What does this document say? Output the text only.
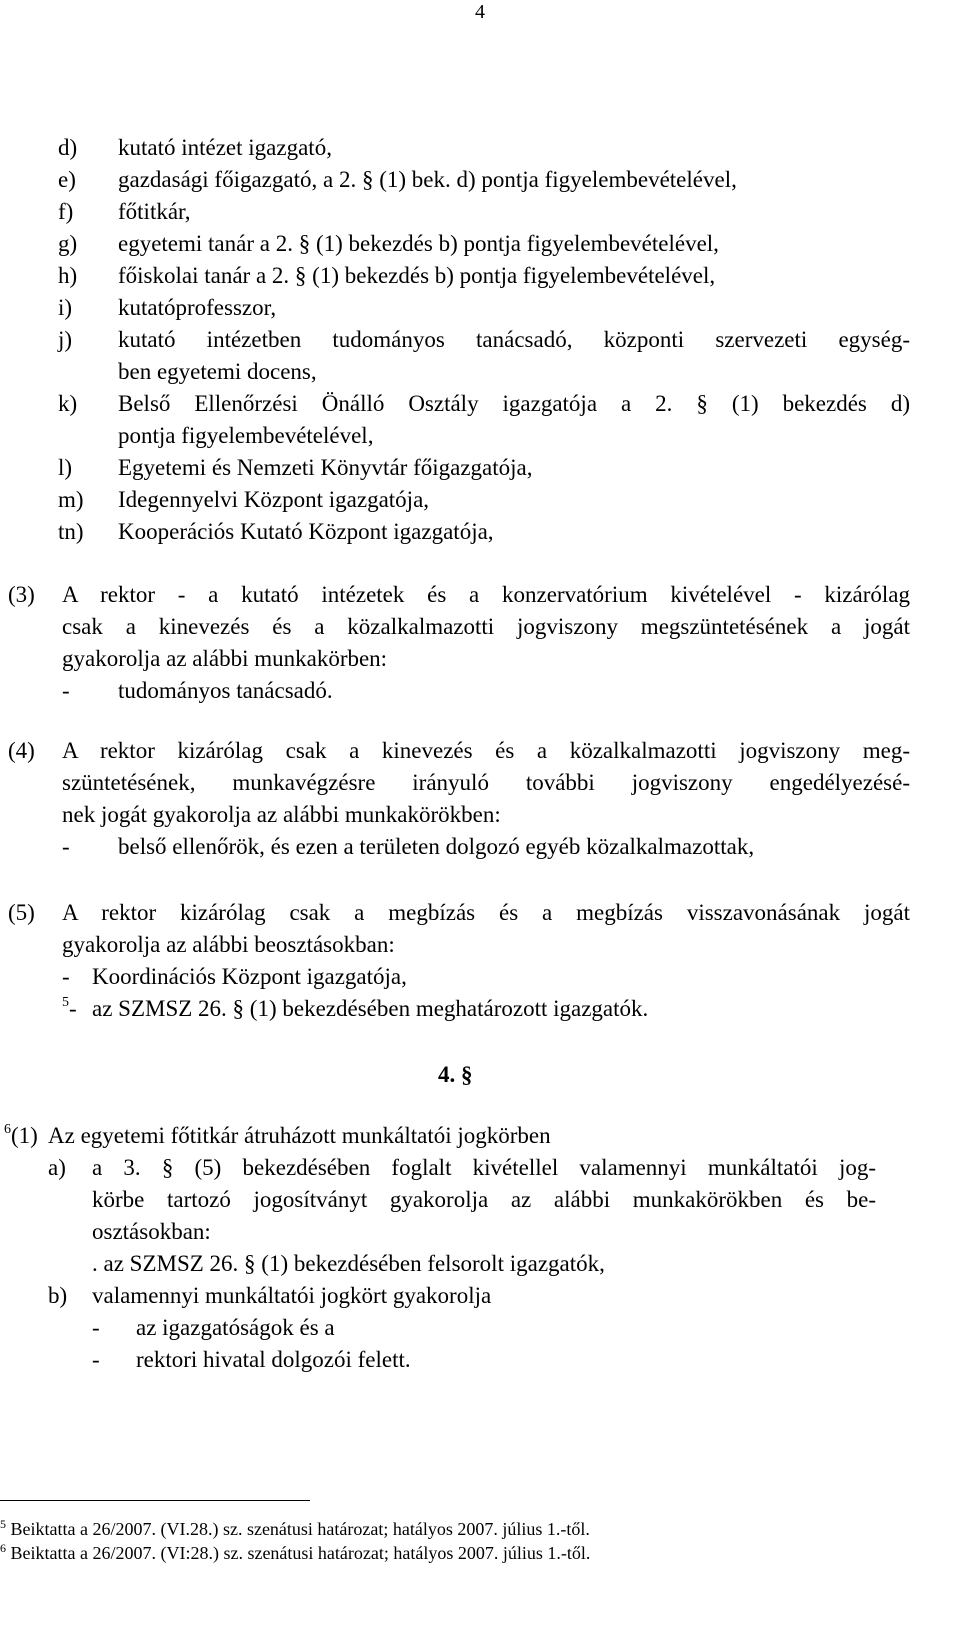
4
d) kutató intézet igazgató,
e) gazdasági főigazgató, a 2. § (1) bek. d) pontja figyelembevételével,
f) főtitkár,
g) egyetemi tanár a 2. § (1) bekezdés b) pontja figyelembevételével,
h) főiskolai tanár a 2. § (1) bekezdés b) pontja figyelembevételével,
i) kutatóprofesszor,
j) kutató intézetben tudományos tanácsadó, központi szervezeti egység-
ben egyetemi docens,
k) Belső Ellenőrzési Önálló Osztály igazgatója a 2. § (1) bekezdés d)
pontja figyelembevételével,
l) Egyetemi és Nemzeti Könyvtár főigazgatója,
m) Idegennyelvi Központ igazgatója,
tn) Kooperációs Kutató Központ igazgatója,
(3) A rektor - a kutató intézetek és a konzervatórium kivételével - kizárólag
csak a kinevezés és a közalkalmazotti jogviszony megszüntetésének a jogát
gyakorolja az alábbi munkakörben:
- tudományos tanácsadó.
(4) A rektor kizárólag csak a kinevezés és a közalkalmazotti jogviszony meg-
szüntetésének, munkavégzésre irányuló további jogviszony engedélyezésé-
nek jogát gyakorolja az alábbi munkakörökben:
- belső ellenőrök, és ezen a területen dolgozó egyéb közalkalmazottak,
(5) A rektor kizárólag csak a megbízás és a megbízás visszavonásának jogát
gyakorolja az alábbi beosztásokban:
- Koordinációs Központ igazgatója,
$^5$- az SZMSZ 26. § (1) bekezdésében meghatározott igazgatók.
4. §
$^6$(1) Az egyetemi főtitkár átruházott munkáltatói jogkörben
a) a 3. § (5) bekezdésében foglalt kivétellel valamennyi munkáltatói jog-
körbe tartozó jogosítványt gyakorolja az alábbi munkakörökben és be-
osztásokban:
. az SZMSZ 26. § (1) bekezdésében felsorolt igazgatók,
b) valamennyi munkáltatói jogkört gyakorolja
- az igazgatóságok és a
- rektori hivatal dolgozói felett.
$^5$ Beiktatta a 26/2007. (VI.28.) sz. szenátusi határozat; hatályos 2007. július 1.-től.
$^6$ Beiktatta a 26/2007. (VI:28.) sz. szenátusi határozat; hatályos 2007. július 1.-től.
